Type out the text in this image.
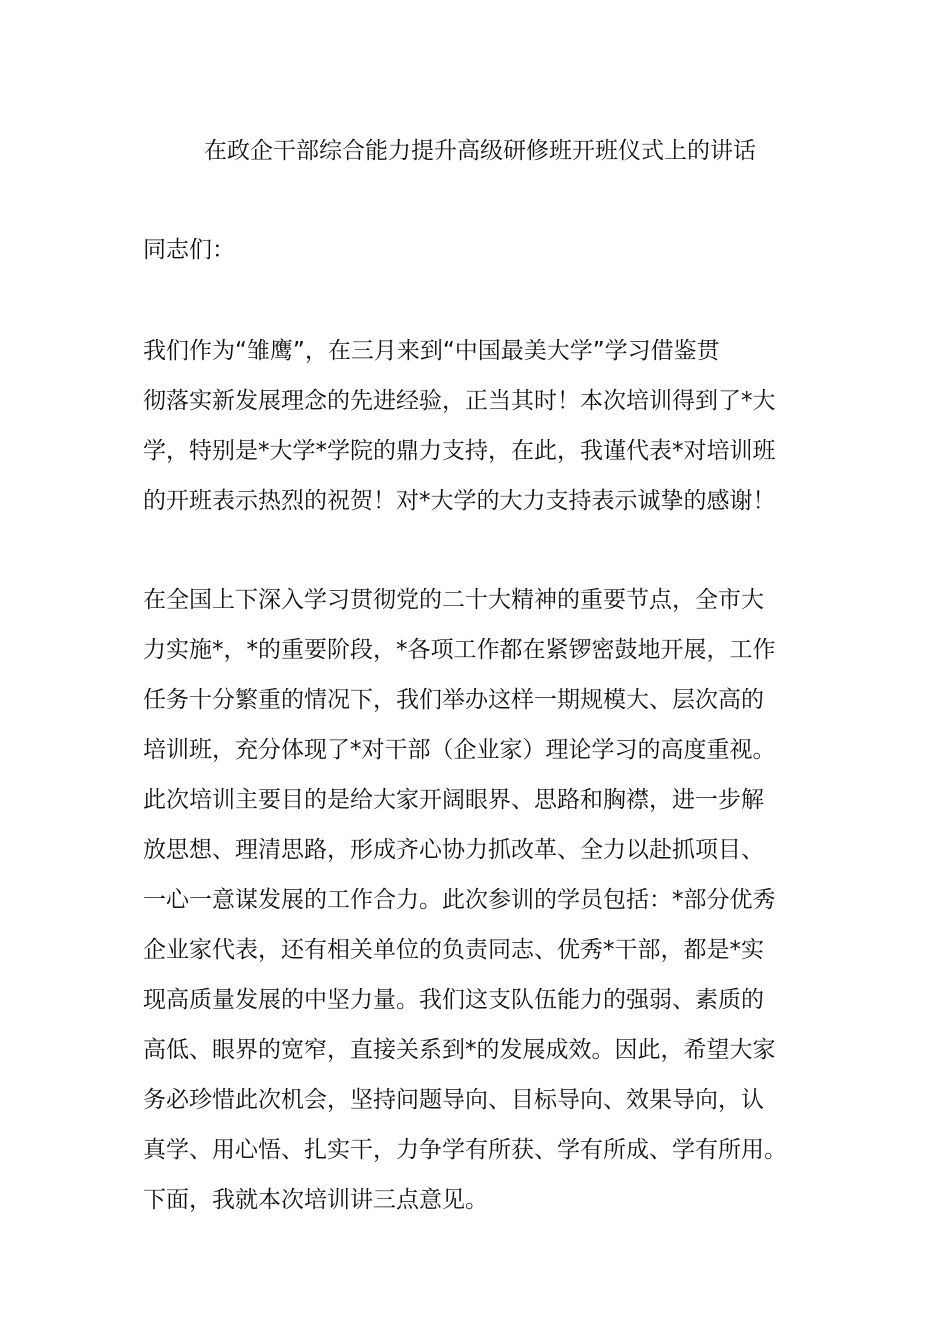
在政企干部综合能力提升高级研修班开班仪式上的讲话
同志们：
我们作为“雏鹰”，在三月来到“中国最美大学”学习借鉴贯
彻落实新发展理念的先进经验，正当其时！本次培训得到了*大
学，特别是*大学*学院的鼎力支持，在此，我谨代表*对培训班
的开班表示热烈的祝贺！对*大学的大力支持表示诚挚的感谢！
在全国上下深入学习贯彻党的二十大精神的重要节点，全市大
力实施*，*的重要阶段，*各项工作都在紧锣密鼓地开展，工作
任务十分繁重的情况下，我们举办这样一期规模大、层次高的
培训班，充分体现了*对干部（企业家）理论学习的高度重视。
此次培训主要目的是给大家开阔眼界、思路和胸襟，进一步解
放思想、理清思路，形成齐心协力抓改革、全力以赴抓项目、
一心一意谋发展的工作合力。此次参训的学员包括：*部分优秀
企业家代表，还有相关单位的负责同志、优秀*干部，都是*实
现高质量发展的中坚力量。我们这支队伍能力的强弱、素质的
高低、眼界的宽窄，直接关系到*的发展成效。因此，希望大家
务必珍惜此次机会，坚持问题导向、目标导向、效果导向，认
真学、用心悟、扎实干，力争学有所获、学有所成、学有所用。
下面，我就本次培训讲三点意见。
